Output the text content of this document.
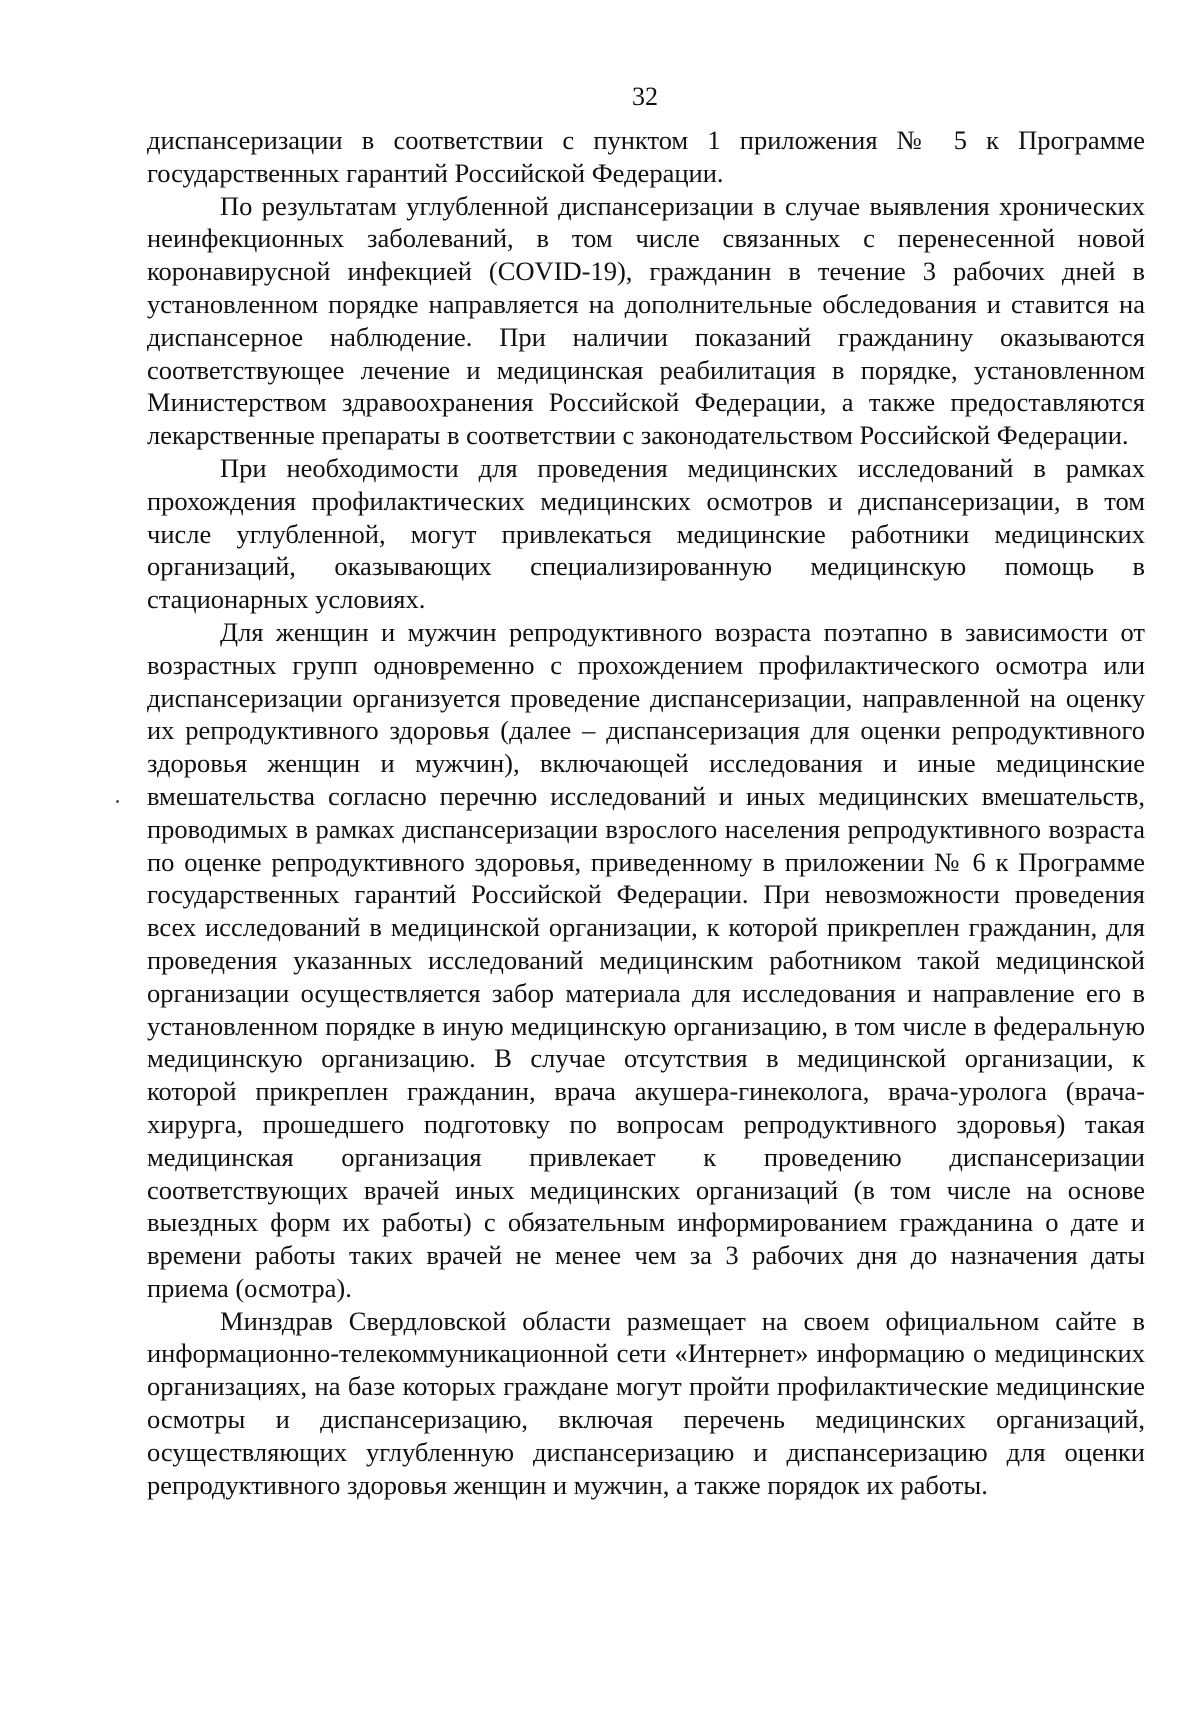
32

диспансеризации в соответствии с пунктом 1 приложения № 5 к Программе государственных гарантий Российской Федерации.

По результатам углубленной диспансеризации в случае выявления хронических неинфекционных заболеваний, в том числе связанных с перенесенной новой коронавирусной инфекцией (COVID-19), гражданин в течение 3 рабочих дней в установленном порядке направляется на дополнительные обследования и ставится на диспансерное наблюдение. При наличии показаний гражданину оказываются соответствующее лечение и медицинская реабилитация в порядке, установленном Министерством здравоохранения Российской Федерации, а также предоставляются лекарственные препараты в соответствии с законодательством Российской Федерации.

При необходимости для проведения медицинских исследований в рамках прохождения профилактических медицинских осмотров и диспансеризации, в том числе углубленной, могут привлекаться медицинские работники медицинских организаций, оказывающих специализированную медицинскую помощь в стационарных условиях.

Для женщин и мужчин репродуктивного возраста поэтапно в зависимости от возрастных групп одновременно с прохождением профилактического осмотра или диспансеризации организуется проведение диспансеризации, направленной на оценку их репродуктивного здоровья (далее – диспансеризация для оценки репродуктивного здоровья женщин и мужчин), включающей исследования и иные медицинские вмешательства согласно перечню исследований и иных медицинских вмешательств, проводимых в рамках диспансеризации взрослого населения репродуктивного возраста по оценке репродуктивного здоровья, приведенному в приложении № 6 к Программе государственных гарантий Российской Федерации. При невозможности проведения всех исследований в медицинской организации, к которой прикреплен гражданин, для проведения указанных исследований медицинским работником такой медицинской организации осуществляется забор материала для исследования и направление его в установленном порядке в иную медицинскую организацию, в том числе в федеральную медицинскую организацию. В случае отсутствия в медицинской организации, к которой прикреплен гражданин, врача акушера-гинеколога, врача-уролога (врача-хирурга, прошедшего подготовку по вопросам репродуктивного здоровья) такая медицинская организация привлекает к проведению диспансеризации соответствующих врачей иных медицинских организаций (в том числе на основе выездных форм их работы) с обязательным информированием гражданина о дате и времени работы таких врачей не менее чем за 3 рабочих дня до назначения даты приема (осмотра).

Минздрав Свердловской области размещает на своем официальном сайте в информационно-телекоммуникационной сети «Интернет» информацию о медицинских организациях, на базе которых граждане могут пройти профилактические медицинские осмотры и диспансеризацию, включая перечень медицинских организаций, осуществляющих углубленную диспансеризацию и диспансеризацию для оценки репродуктивного здоровья женщин и мужчин, а также порядок их работы.
